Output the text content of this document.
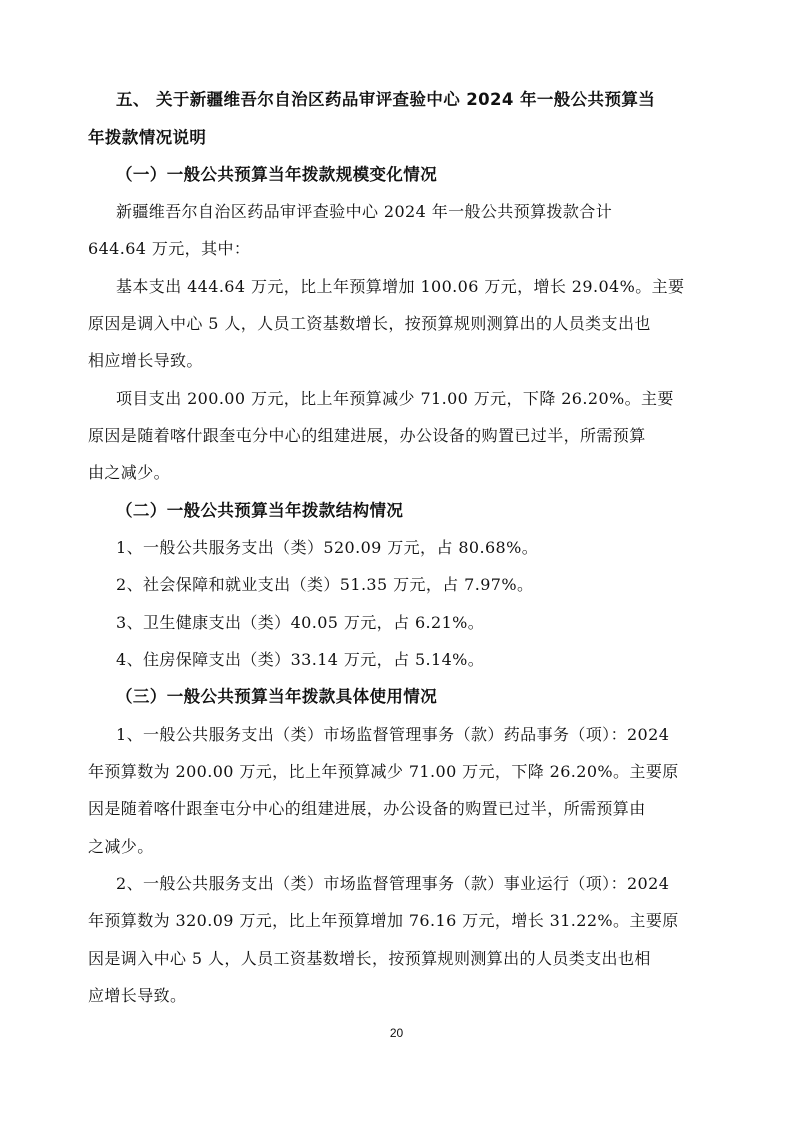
五、 关于新疆维吾尔自治区药品审评查验中心 2024 年一般公共预算当
年拨款情况说明
（一）一般公共预算当年拨款规模变化情况
新疆维吾尔自治区药品审评查验中心 2024 年一般公共预算拨款合计
644.64 万元，其中：
基本支出 444.64 万元，比上年预算增加 100.06 万元，增长 29.04%。主要
原因是调入中心 5 人，人员工资基数增长，按预算规则测算出的人员类支出也
相应增长导致。
项目支出 200.00 万元，比上年预算减少 71.00 万元，下降 26.20%。主要
原因是随着喀什跟奎屯分中心的组建进展，办公设备的购置已过半，所需预算
由之减少。
（二）一般公共预算当年拨款结构情况
1、一般公共服务支出（类）520.09 万元，占 80.68%。
2、社会保障和就业支出（类）51.35 万元，占 7.97%。
3、卫生健康支出（类）40.05 万元，占 6.21%。
4、住房保障支出（类）33.14 万元，占 5.14%。
（三）一般公共预算当年拨款具体使用情况
1、一般公共服务支出（类）市场监督管理事务（款）药品事务（项）：2024
年预算数为 200.00 万元，比上年预算减少 71.00 万元，下降 26.20%。主要原
因是随着喀什跟奎屯分中心的组建进展，办公设备的购置已过半，所需预算由
之减少。
2、一般公共服务支出（类）市场监督管理事务（款）事业运行（项）：2024
年预算数为 320.09 万元，比上年预算增加 76.16 万元，增长 31.22%。主要原
因是调入中心 5 人，人员工资基数增长，按预算规则测算出的人员类支出也相
应增长导致。
20
